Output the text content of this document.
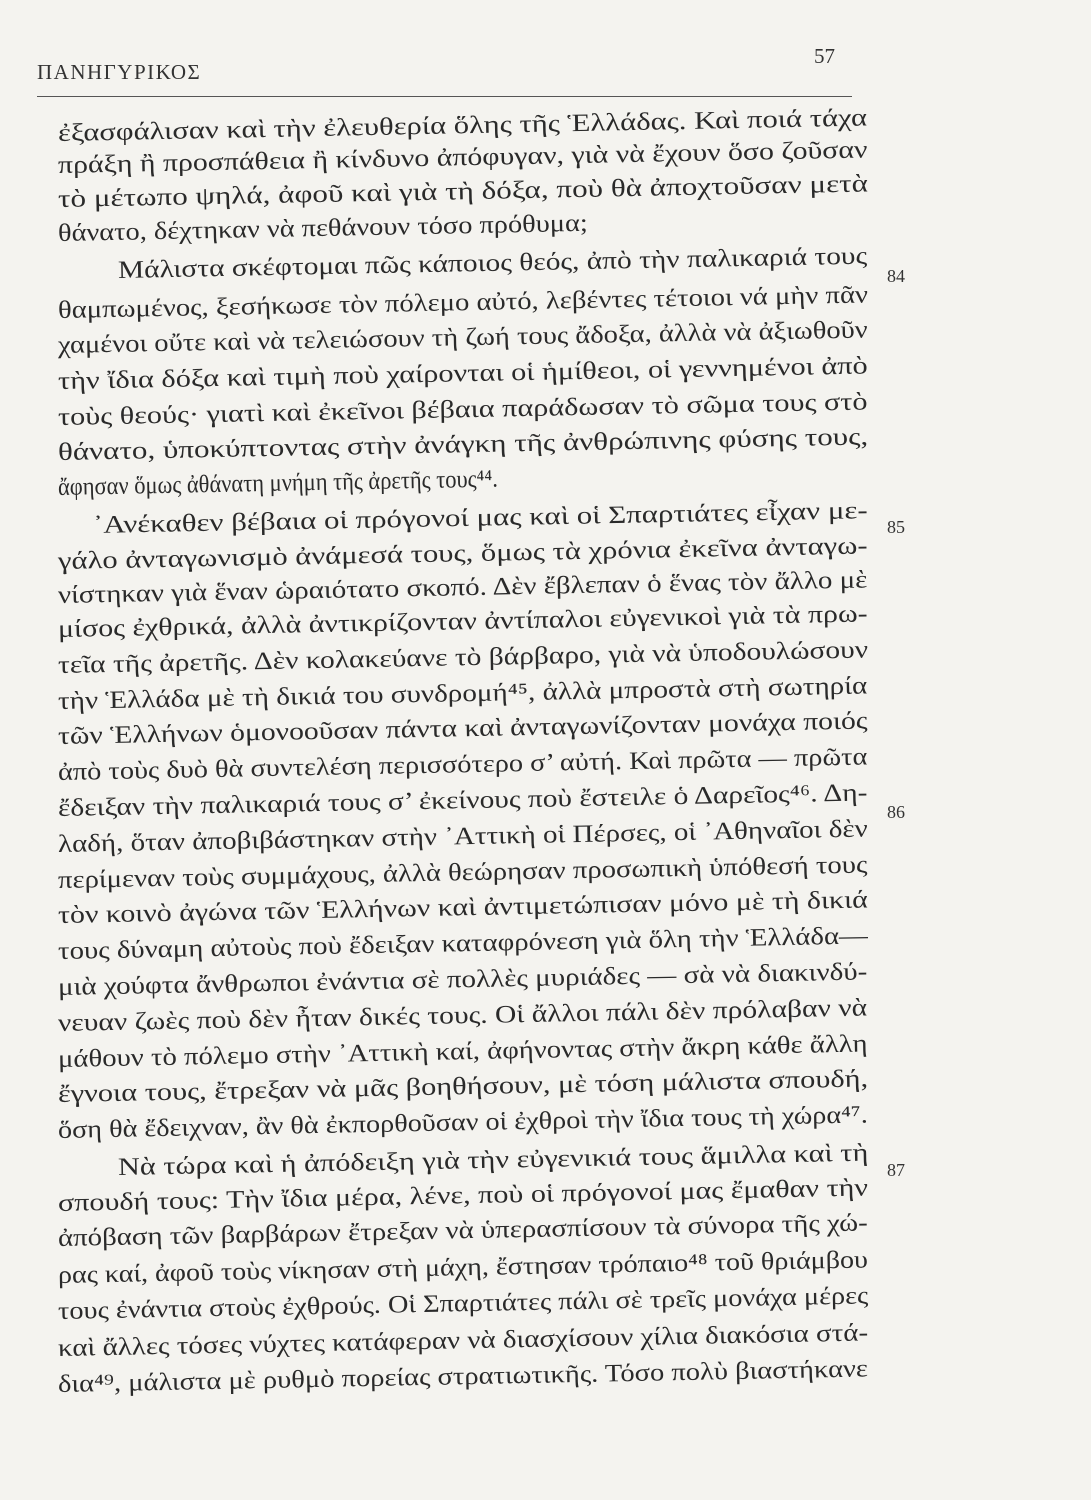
ΠΑΝΗΓΥΡΙΚΟΣ
57
ἐξασφάλισαν καὶ τὴν ἐλευθερία ὅλης τῆς Ἑλλάδας. Καὶ ποιά τάχα
πράξη ἢ προσπάθεια ἢ κίνδυνο ἀπόφυγαν, γιὰ νὰ ἔχουν ὅσο ζοῦσαν
τὸ μέτωπο ψηλά, ἀφοῦ καὶ γιὰ τὴ δόξα, ποὺ θὰ ἀποχτοῦσαν μετὰ
θάνατο, δέχτηκαν νὰ πεθάνουν τόσο πρόθυμα;
Μάλιστα σκέφτομαι πῶς κάποιος θεός, ἀπὸ τὴν παλικαριά τους
θαμπωμένος, ξεσήκωσε τὸν πόλεμο αὐτό, λεβέντες τέτοιοι νά μὴν πᾶν
χαμένοι οὔτε καὶ νὰ τελειώσουν τὴ ζωή τους ἄδοξα, ἀλλὰ νὰ ἀξιωθοῦν
τὴν ἴδια δόξα καὶ τιμὴ ποὺ χαίρονται οἱ ἡμίθεοι, οἱ γεννημένοι ἀπὸ
τοὺς θεούς· γιατὶ καὶ ἐκεῖνοι βέβαια παράδωσαν τὸ σῶμα τους στὸ
θάνατο, ὑποκύπτοντας στὴν ἀνάγκη τῆς ἀνθρώπινης φύσης τους,
ἄφησαν ὅμως ἀθάνατη μνήμη τῆς ἀρετῆς τους⁴⁴.
᾿Ανέκαθεν βέβαια οἱ πρόγονοί μας καὶ οἱ Σπαρτιάτες εἶχαν με-
γάλο ἀνταγωνισμὸ ἀνάμεσά τους, ὅμως τὰ χρόνια ἐκεῖνα ἀνταγω-
νίστηκαν γιὰ ἕναν ὡραιότατο σκοπό. Δὲν ἔβλεπαν ὁ ἕνας τὸν ἄλλο μὲ
μίσος ἐχθρικά, ἀλλὰ ἀντικρίζονταν ἀντίπαλοι εὐγενικοὶ γιὰ τὰ πρω-
τεῖα τῆς ἀρετῆς. Δὲν κολακεύανε τὸ βάρβαρο, γιὰ νὰ ὑποδουλώσουν
τὴν Ἑλλάδα μὲ τὴ δικιά του συνδρομή⁴⁵, ἀλλὰ μπροστὰ στὴ σωτηρία
τῶν Ἑλλήνων ὁμονοοῦσαν πάντα καὶ ἀνταγωνίζονταν μονάχα ποιός
ἀπὸ τοὺς δυὸ θὰ συντελέση περισσότερο σ’ αὐτή. Καὶ πρῶτα — πρῶτα
ἔδειξαν τὴν παλικαριά τους σ’ ἐκείνους ποὺ ἔστειλε ὁ Δαρεῖος⁴⁶. Δη-
λαδή, ὅταν ἀποβιβάστηκαν στὴν ᾿Αττικὴ οἱ Πέρσες, οἱ ᾿Αθηναῖοι δὲν
περίμεναν τοὺς συμμάχους, ἀλλὰ θεώρησαν προσωπικὴ ὑπόθεσή τους
τὸν κοινὸ ἀγώνα τῶν Ἑλλήνων καὶ ἀντιμετώπισαν μόνο μὲ τὴ δικιά
τους δύναμη αὐτοὺς ποὺ ἔδειξαν καταφρόνεση γιὰ ὅλη τὴν Ἑλλάδα—
μιὰ χούφτα ἄνθρωποι ἐνάντια σὲ πολλὲς μυριάδες — σὰ νὰ διακινδύ-
νευαν ζωὲς ποὺ δὲν ἦταν δικές τους. Οἱ ἄλλοι πάλι δὲν πρόλαβαν νὰ
μάθουν τὸ πόλεμο στὴν ᾿Αττικὴ καί, ἀφήνοντας στὴν ἄκρη κάθε ἄλλη
ἔγνοια τους, ἔτρεξαν νὰ μᾶς βοηθήσουν, μὲ τόση μάλιστα σπουδή,
ὅση θὰ ἔδειχναν, ἂν θὰ ἐκπορθοῦσαν οἱ ἐχθροὶ τὴν ἴδια τους τὴ χώρα⁴⁷.
Νὰ τώρα καὶ ἡ ἀπόδειξη γιὰ τὴν εὐγενικιά τους ἅμιλλα καὶ τὴ
σπουδή τους: Τὴν ἴδια μέρα, λένε, ποὺ οἱ πρόγονοί μας ἔμαθαν τὴν
ἀπόβαση τῶν βαρβάρων ἔτρεξαν νὰ ὑπερασπίσουν τὰ σύνορα τῆς χώ-
ρας καί, ἀφοῦ τοὺς νίκησαν στὴ μάχη, ἔστησαν τρόπαιο⁴⁸ τοῦ θριάμβου
τους ἐνάντια στοὺς ἐχθρούς. Οἱ Σπαρτιάτες πάλι σὲ τρεῖς μονάχα μέρες
καὶ ἄλλες τόσες νύχτες κατάφεραν νὰ διασχίσουν χίλια διακόσια στά-
δια⁴⁹, μάλιστα μὲ ρυθμὸ πορείας στρατιωτικῆς. Τόσο πολὺ βιαστήκανε
84
85
86
87
